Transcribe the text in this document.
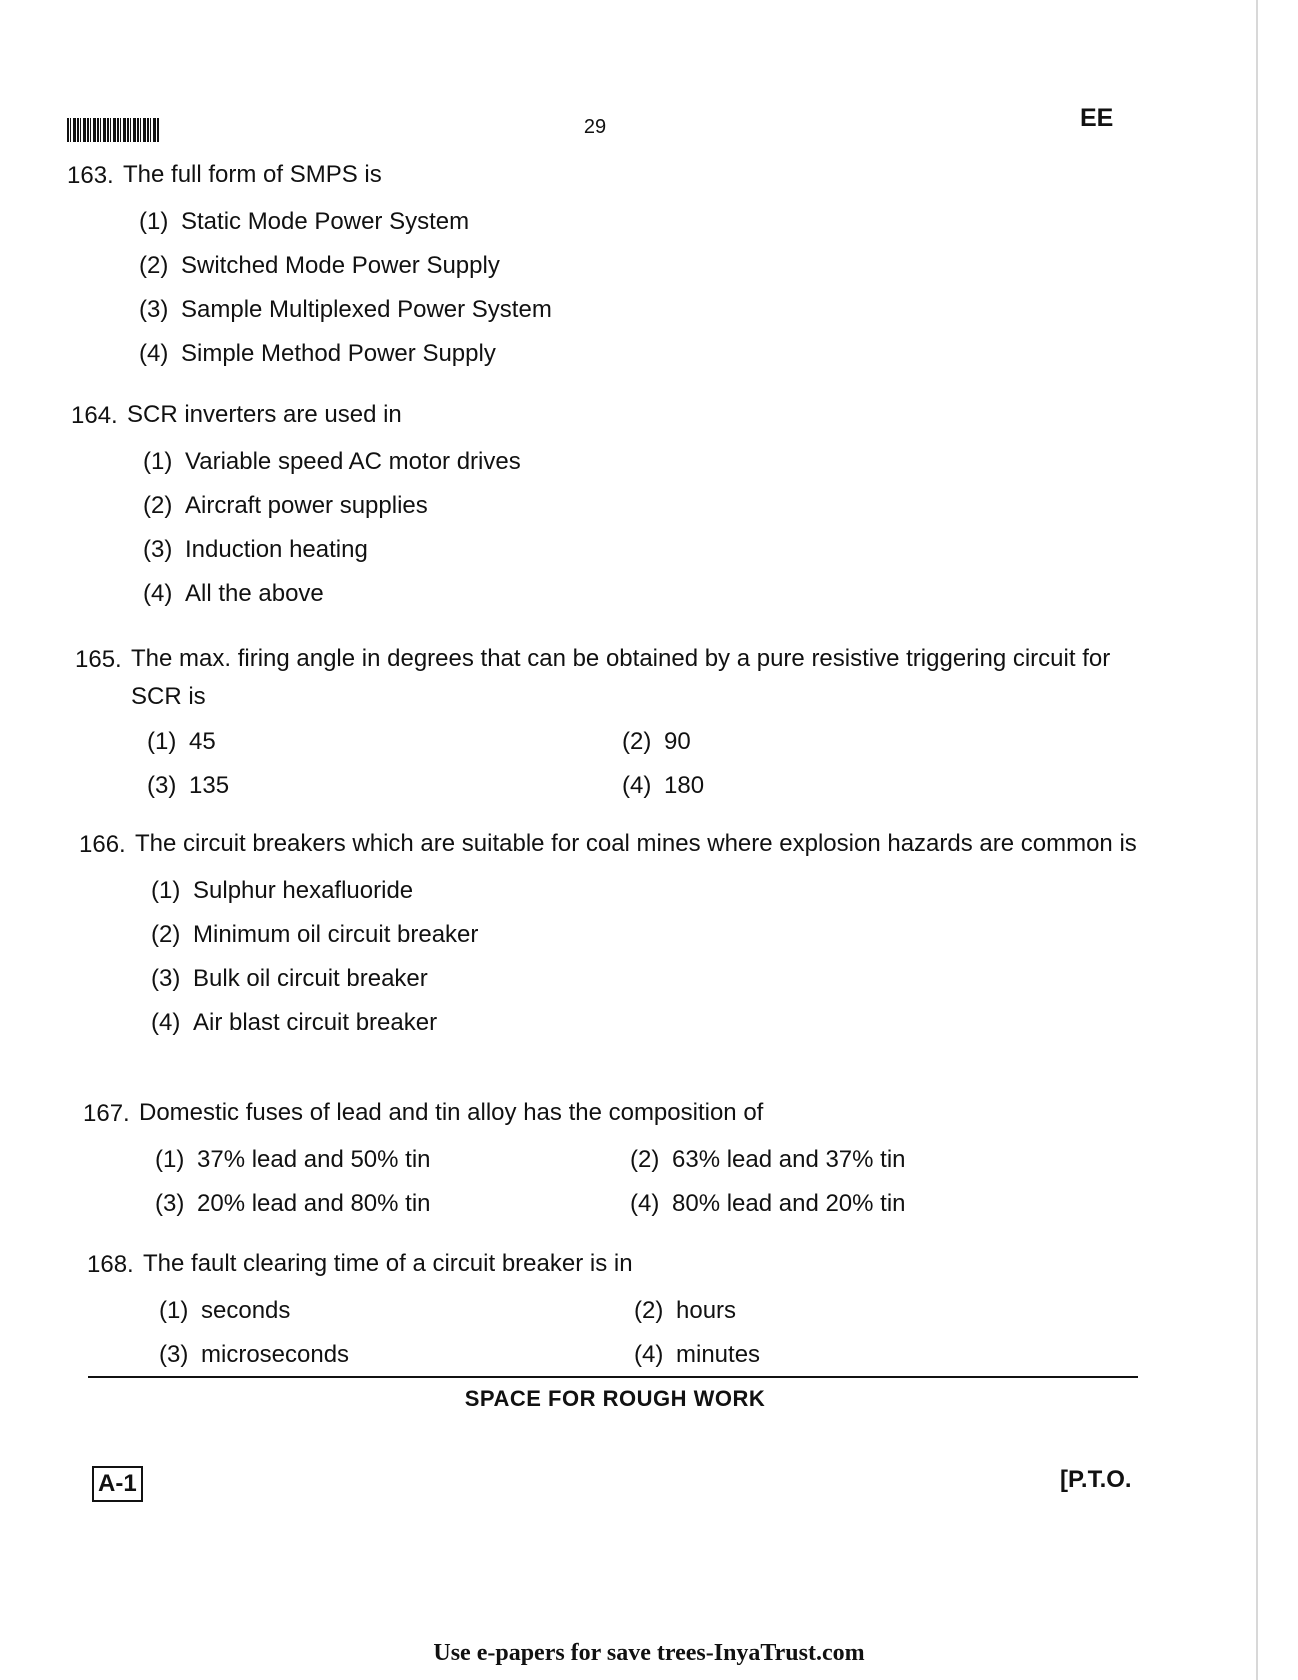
29	EE
163. The full form of SMPS is
(1) Static Mode Power System
(2) Switched Mode Power Supply
(3) Sample Multiplexed Power System
(4) Simple Method Power Supply
164. SCR inverters are used in
(1) Variable speed AC motor drives
(2) Aircraft power supplies
(3) Induction heating
(4) All the above
165. The max. firing angle in degrees that can be obtained by a pure resistive triggering circuit for SCR is
(1) 45	(2) 90
(3) 135	(4) 180
166. The circuit breakers which are suitable for coal mines where explosion hazards are common is
(1) Sulphur hexafluoride
(2) Minimum oil circuit breaker
(3) Bulk oil circuit breaker
(4) Air blast circuit breaker
167. Domestic fuses of lead and tin alloy has the composition of
(1) 37% lead and 50% tin	(2) 63% lead and 37% tin
(3) 20% lead and 80% tin	(4) 80% lead and 20% tin
168. The fault clearing time of a circuit breaker is in
(1) seconds	(2) hours
(3) microseconds	(4) minutes
SPACE FOR ROUGH WORK
A-1	[P.T.O.
Use e-papers for save trees-InyaTrust.com
